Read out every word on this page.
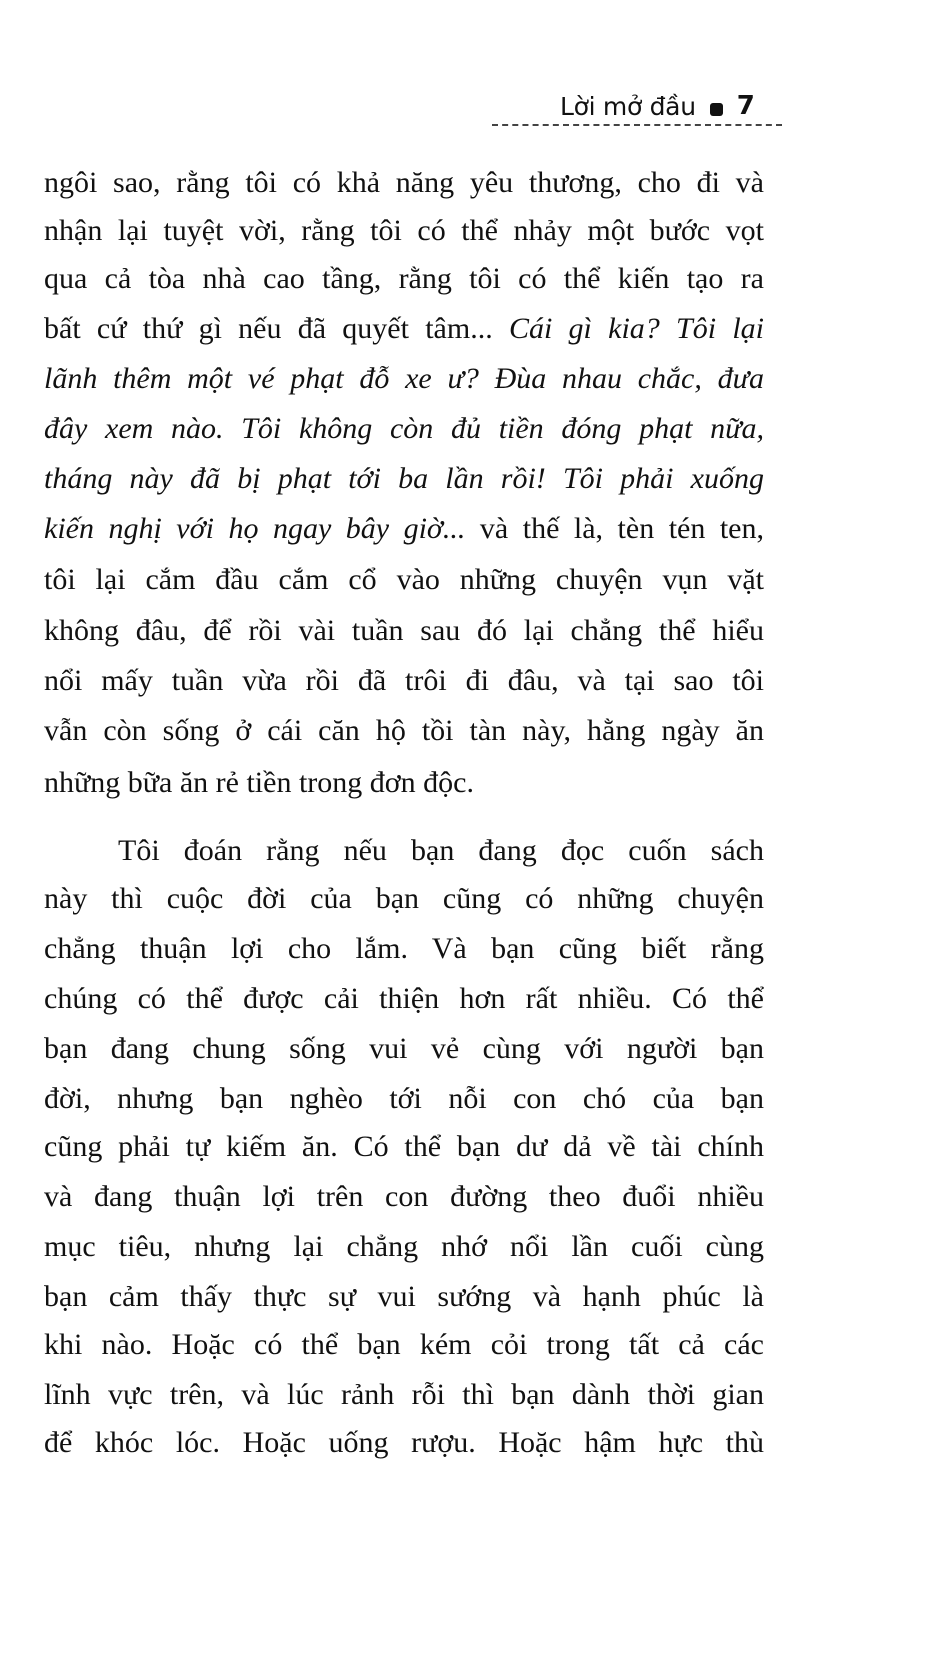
Lời mở đầu 7
ngôi sao, rằng tôi có khả năng yêu thương, cho đi và
nhận lại tuyệt vời, rằng tôi có thể nhảy một bước vọt
qua cả tòa nhà cao tầng, rằng tôi có thể kiến tạo ra
bất cứ thứ gì nếu đã quyết tâm... Cái gì kia? Tôi lại
lãnh thêm một vé phạt đỗ xe ư? Đùa nhau chắc, đưa
đây xem nào. Tôi không còn đủ tiền đóng phạt nữa,
tháng này đã bị phạt tới ba lần rồi! Tôi phải xuống
kiến nghị với họ ngay bây giờ... và thế là, tèn tén ten,
tôi lại cắm đầu cắm cổ vào những chuyện vụn vặt
không đâu, để rồi vài tuần sau đó lại chẳng thể hiểu
nổi mấy tuần vừa rồi đã trôi đi đâu, và tại sao tôi
vẫn còn sống ở cái căn hộ tồi tàn này, hằng ngày ăn
những bữa ăn rẻ tiền trong đơn độc.
Tôi đoán rằng nếu bạn đang đọc cuốn sách
này thì cuộc đời của bạn cũng có những chuyện
chẳng thuận lợi cho lắm. Và bạn cũng biết rằng
chúng có thể được cải thiện hơn rất nhiều. Có thể
bạn đang chung sống vui vẻ cùng với người bạn
đời, nhưng bạn nghèo tới nỗi con chó của bạn
cũng phải tự kiếm ăn. Có thể bạn dư dả về tài chính
và đang thuận lợi trên con đường theo đuổi nhiều
mục tiêu, nhưng lại chẳng nhớ nổi lần cuối cùng
bạn cảm thấy thực sự vui sướng và hạnh phúc là
khi nào. Hoặc có thể bạn kém cỏi trong tất cả các
lĩnh vực trên, và lúc rảnh rỗi thì bạn dành thời gian
để khóc lóc. Hoặc uống rượu. Hoặc hậm hực thù
